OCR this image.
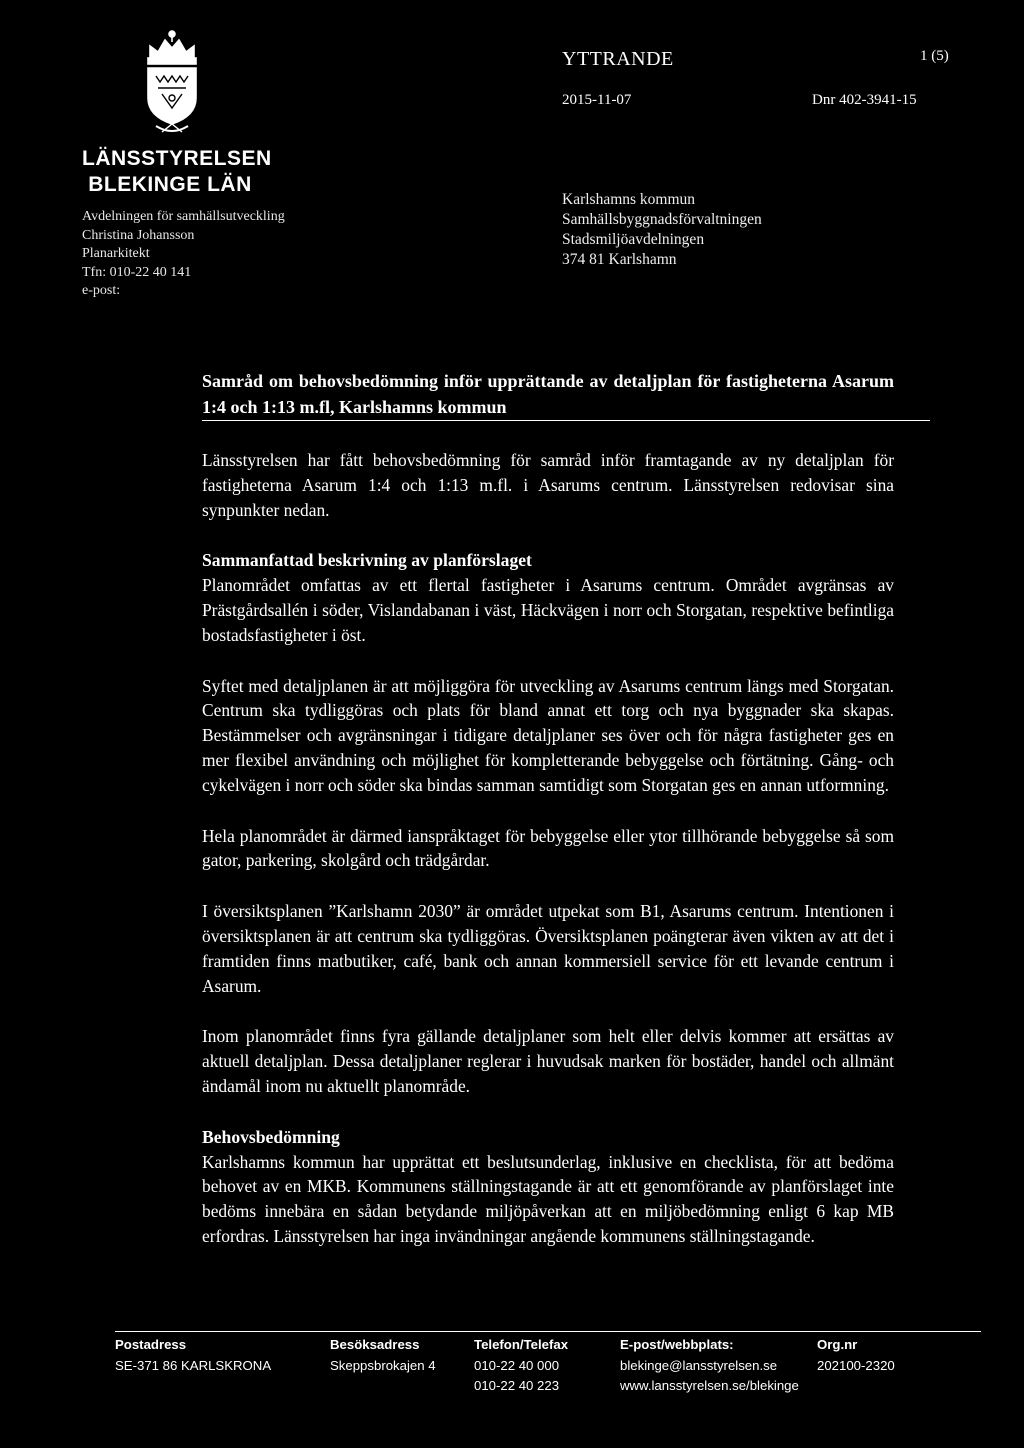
LÄNSSTYRELSEN
BLEKINGE LÄN
Avdelningen för samhällsutveckling
Christina Johansson
Planarkitekt
Tfn: 010-22 40 141
e-post:
YTTRANDE	1 (5)
2015-11-07	Dnr 402-3941-15
Karlshamns kommun
Samhällsbyggnadsförvaltningen
Stadsmiljöavdelningen
374 81 Karlshamn

Samråd om behovsbedömning inför upprättande av detaljplan för fastigheterna Asarum 1:4 och 1:13 m.fl, Karlshamns kommun

Länsstyrelsen har fått behovsbedömning för samråd inför framtagande av ny detaljplan för fastigheterna Asarum 1:4 och 1:13 m.fl. i Asarums centrum. Länsstyrelsen redovisar sina synpunkter nedan.

Sammanfattad beskrivning av planförslaget

Planområdet omfattas av ett flertal fastigheter i Asarums centrum. Området avgränsas av Prästgårdsallén i söder, Vislandabanan i väst, Häckvägen i norr och Storgatan, respektive befintliga bostadsfastigheter i öst.

Syftet med detaljplanen är att möjliggöra för utveckling av Asarums centrum längs med Storgatan. Centrum ska tydliggöras och plats för bland annat ett torg och nya byggnader ska skapas. Bestämmelser och avgränsningar i tidigare detaljplaner ses över och för några fastigheter ges en mer flexibel användning och möjlighet för kompletterande bebyggelse och förtätning. Gång- och cykelvägen i norr och söder ska bindas samman samtidigt som Storgatan ges en annan utformning.

Hela planområdet är därmed ianspråktaget för bebyggelse eller ytor tillhörande bebyggelse så som gator, parkering, skolgård och trädgårdar.

I översiktsplanen ”Karlshamn 2030” är området utpekat som B1, Asarums centrum. Intentionen i översiktsplanen är att centrum ska tydliggöras. Översiktsplanen poängterar även vikten av att det i framtiden finns matbutiker, café, bank och annan kommersiell service för ett levande centrum i Asarum.

Inom planområdet finns fyra gällande detaljplaner som helt eller delvis kommer att ersättas av aktuell detaljplan. Dessa detaljplaner reglerar i huvudsak marken för bostäder, handel och allmänt ändamål inom nu aktuellt planområde.

Behovsbedömning

Karlshamns kommun har upprättat ett beslutsunderlag, inklusive en checklista, för att bedöma behovet av en MKB. Kommunens ställningstagande är att ett genomförande av planförslaget inte bedöms innebära en sådan betydande miljöpåverkan att en miljöbedömning enligt 6 kap MB erfordras. Länsstyrelsen har inga invändningar angående kommunens ställningstagande.

Postadress
SE-371 86 KARLSKRONA
Besöksadress
Skeppsbrokajen 4
Telefon/Telefax
010-22 40 000
010-22 40 223
E-post/webbplats:
blekinge@lansstyrelsen.se
www.lansstyrelsen.se/blekinge
Org.nr
202100-2320
